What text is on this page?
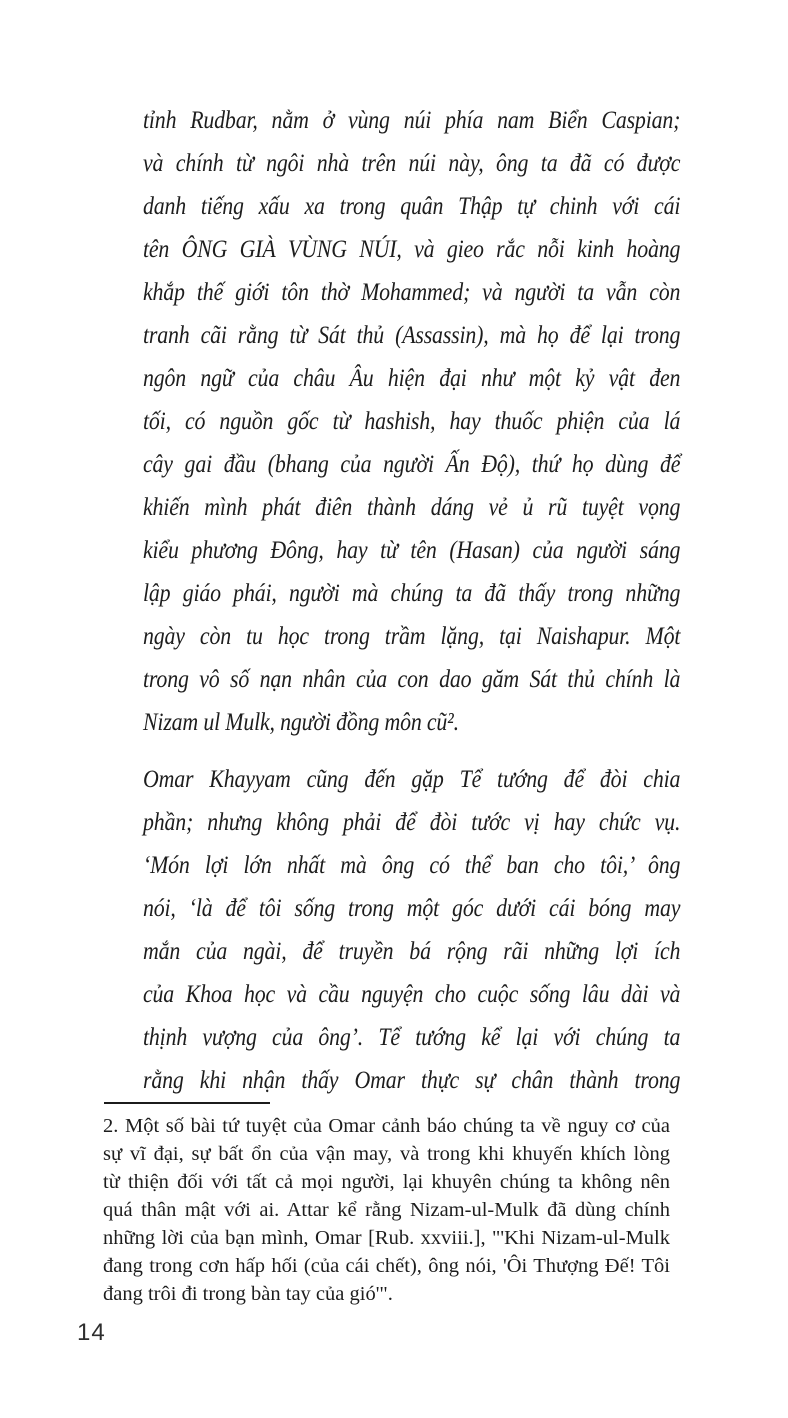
tỉnh Rudbar, nằm ở vùng núi phía nam Biển Caspian;
và chính từ ngôi nhà trên núi này, ông ta đã có được
danh tiếng xấu xa trong quân Thập tự chinh với cái
tên ÔNG GIÀ VÙNG NÚI, và gieo rắc nỗi kinh hoàng
khắp thế giới tôn thờ Mohammed; và người ta vẫn còn
tranh cãi rằng từ Sát thủ (Assassin), mà họ để lại trong
ngôn ngữ của châu Âu hiện đại như một kỷ vật đen
tối, có nguồn gốc từ hashish, hay thuốc phiện của lá
cây gai đầu (bhang của người Ấn Độ), thứ họ dùng để
khiến mình phát điên thành dáng vẻ ủ rũ tuyệt vọng
kiểu phương Đông, hay từ tên (Hasan) của người sáng
lập giáo phái, người mà chúng ta đã thấy trong những
ngày còn tu học trong trầm lặng, tại Naishapur. Một
trong vô số nạn nhân của con dao găm Sát thủ chính là
Nizam ul Mulk, người đồng môn cũ².
Omar Khayyam cũng đến gặp Tể tướng để đòi chia
phần; nhưng không phải để đòi tước vị hay chức vụ.
‘Món lợi lớn nhất mà ông có thể ban cho tôi,’ ông
nói, ‘là để tôi sống trong một góc dưới cái bóng may
mắn của ngài, để truyền bá rộng rãi những lợi ích
của Khoa học và cầu nguyện cho cuộc sống lâu dài và
thịnh vượng của ông’. Tể tướng kể lại với chúng ta
rằng khi nhận thấy Omar thực sự chân thành trong
2. Một số bài tứ tuyệt của Omar cảnh báo chúng ta về nguy cơ của
sự vĩ đại, sự bất ổn của vận may, và trong khi khuyến khích lòng
từ thiện đối với tất cả mọi người, lại khuyên chúng ta không nên
quá thân mật với ai. Attar kể rằng Nizam-ul-Mulk đã dùng chính
những lời của bạn mình, Omar [Rub. xxviii.], "'Khi Nizam-ul-Mulk
đang trong cơn hấp hối (của cái chết), ông nói, 'Ôi Thượng Đế! Tôi
đang trôi đi trong bàn tay của gió'".
14
